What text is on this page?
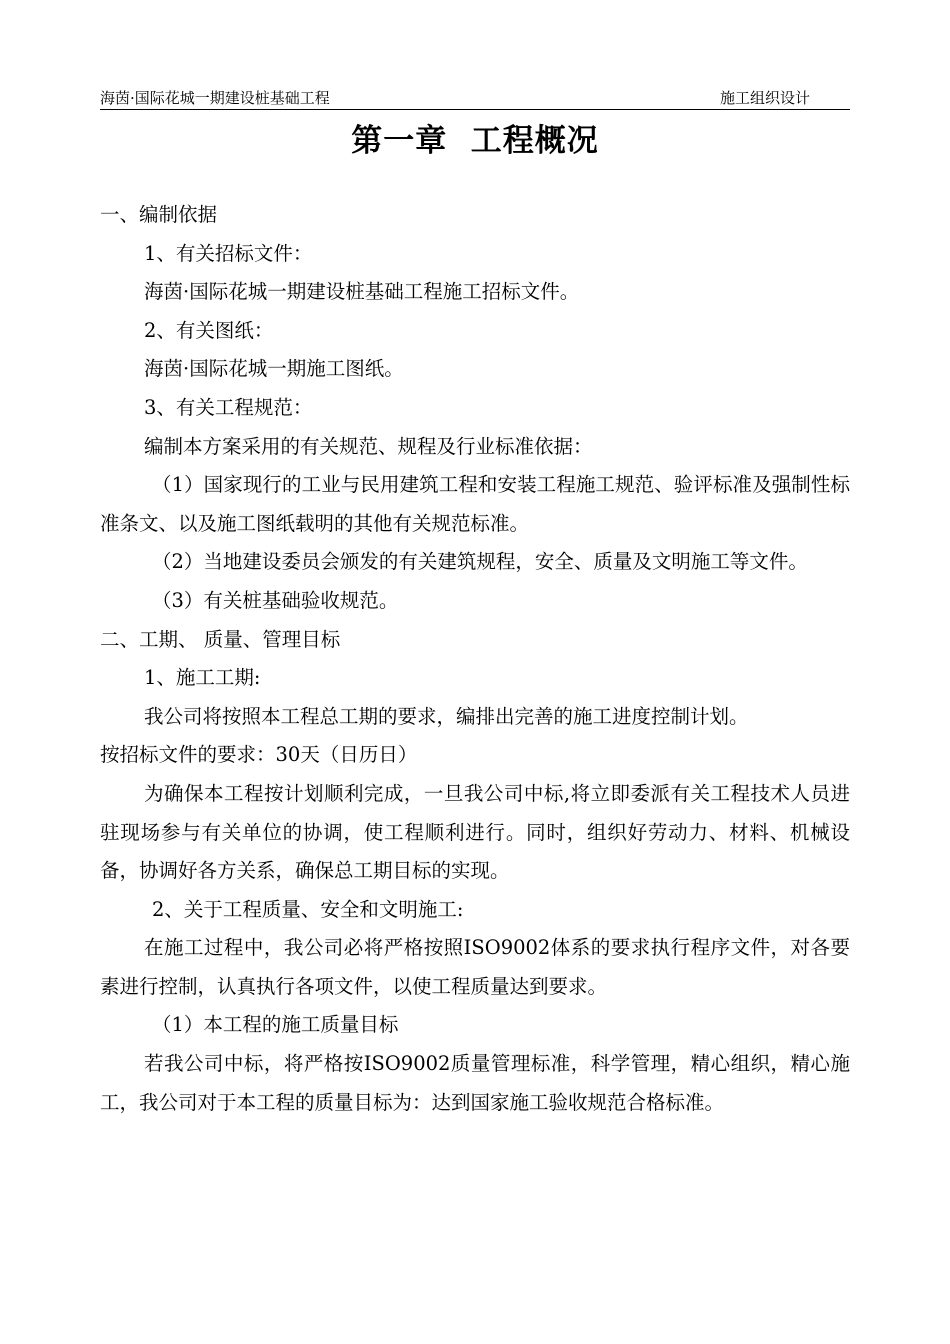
海茵·国际花城一期建设桩基础工程	施工组织设计
第一章  工程概况

一、编制依据

1、有关招标文件：

海茵·国际花城一期建设桩基础工程施工招标文件。

2、有关图纸：

海茵·国际花城一期施工图纸。

3、有关工程规范：

编制本方案采用的有关规范、规程及行业标准依据：

（1）国家现行的工业与民用建筑工程和安装工程施工规范、验评标准及强制性标准条文、以及施工图纸载明的其他有关规范标准。

（2）当地建设委员会颁发的有关建筑规程，安全、质量及文明施工等文件。

（3）有关桩基础验收规范。

二、工期、 质量、管理目标

1、施工工期:

我公司将按照本工程总工期的要求，编排出完善的施工进度控制计划。

按招标文件的要求：30天（日历日）

为确保本工程按计划顺利完成，一旦我公司中标,将立即委派有关工程技术人员进驻现场参与有关单位的协调，使工程顺利进行。同时，组织好劳动力、材料、机械设备，协调好各方关系，确保总工期目标的实现。

2、关于工程质量、安全和文明施工:

在施工过程中，我公司必将严格按照ISO9002体系的要求执行程序文件，对各要素进行控制，认真执行各项文件，以使工程质量达到要求。

（1）本工程的施工质量目标

若我公司中标，将严格按ISO9002质量管理标准，科学管理，精心组织，精心施工，我公司对于本工程的质量目标为：达到国家施工验收规范合格标准。
